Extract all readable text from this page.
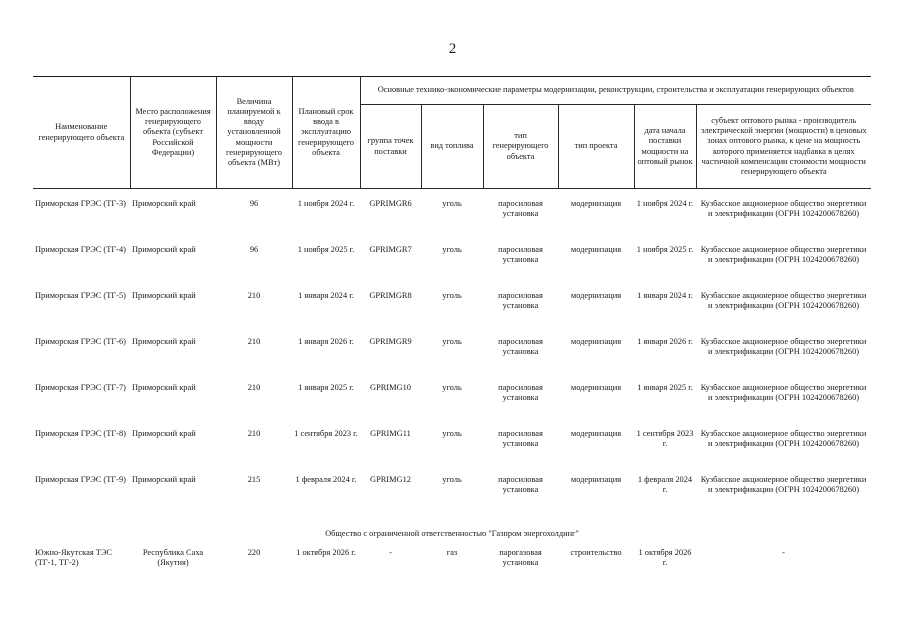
2
Наименование генерирующего объекта	Место расположения генерирующего объекта (субъект Российской Федерации)	Величина планируемой к вводу установленной мощности генерирующего объекта (МВт)	Плановый срок ввода в эксплуатацию генерирующего объекта	Основные технико-экономические параметры модернизации, реконструкции, строительства и эксплуатации генерирующих объектов					
				группа точек поставки	вид топлива	тип генерирующего объекта	тип проекта	дата начала поставки мощности на оптовый рынок	субъект оптового рынка - производитель электрической энергии (мощности) в ценовых зонах оптового рынка, к цене на мощность которого применяется надбавка в целях частичной компенсации стоимости мощности генерирующего объекта

Приморская ГРЭС (ТГ-3)	Приморский край	96	1 ноября 2024 г.	GPRIMGR6	уголь	паросиловая установка	модернизация	1 ноября 2024 г.	Кузбасское акционерное общество энергетики и электрификации (ОГРН 1024200678260)
Приморская ГРЭС (ТГ-4)	Приморский край	96	1 ноября 2025 г.	GPRIMGR7	уголь	паросиловая установка	модернизация	1 ноября 2025 г.	Кузбасское акционерное общество энергетики и электрификации (ОГРН 1024200678260)
Приморская ГРЭС (ТГ-5)	Приморский край	210	1 января 2024 г.	GPRIMGR8	уголь	паросиловая установка	модернизация	1 января 2024 г.	Кузбасское акционерное общество энергетики и электрификации (ОГРН 1024200678260)
Приморская ГРЭС (ТГ-6)	Приморский край	210	1 января 2026 г.	GPRIMGR9	уголь	паросиловая установка	модернизация	1 января 2026 г.	Кузбасское акционерное общество энергетики и электрификации (ОГРН 1024200678260)
Приморская ГРЭС (ТГ-7)	Приморский край	210	1 января 2025 г.	GPRIMG10	уголь	паросиловая установка	модернизация	1 января 2025 г.	Кузбасское акционерное общество энергетики и электрификации (ОГРН 1024200678260)
Приморская ГРЭС (ТГ-8)	Приморский край	210	1 сентября 2023 г.	GPRIMG11	уголь	паросиловая установка	модернизация	1 сентября 2023 г.	Кузбасское акционерное общество энергетики и электрификации (ОГРН 1024200678260)
Приморская ГРЭС (ТГ-9)	Приморский край	215	1 февраля 2024 г.	GPRIMG12	уголь	паросиловая установка	модернизация	1 февраля 2024 г.	Кузбасское акционерное общество энергетики и электрификации (ОГРН 1024200678260)
Общество с ограниченной ответственностью "Газпром энергохолдинг"									
Южно-Якутская ТЭС (ТГ-1, ТГ-2)	Республика Саха (Якутия)	220	1 октября 2026 г.	-	газ	парогазовая установка	строительство	1 октября 2026 г.	-
